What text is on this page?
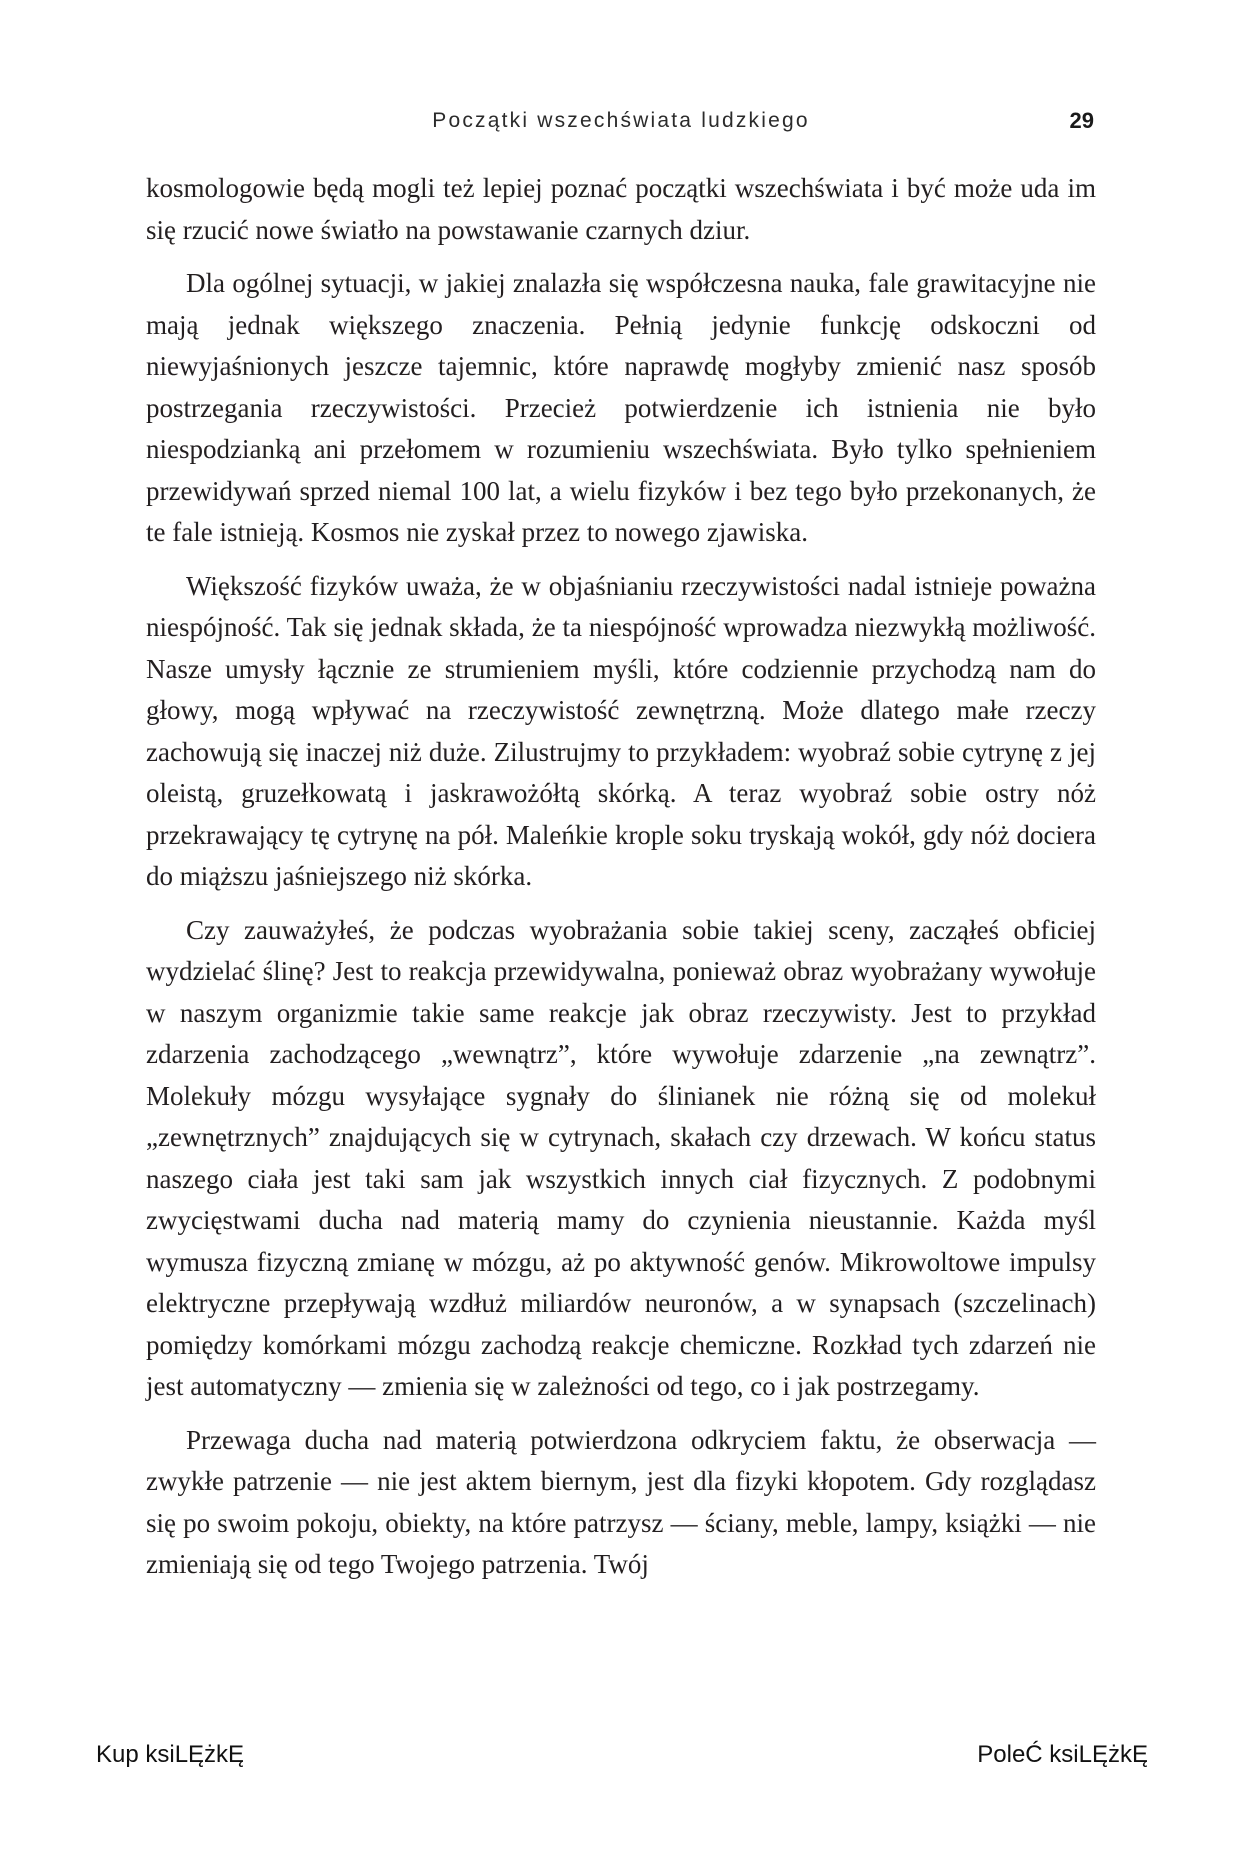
Początki wszechświata ludzkiego	29

kosmologowie będą mogli też lepiej poznać początki wszechświata i być może uda im się rzucić nowe światło na powstawanie czarnych dziur.

Dla ogólnej sytuacji, w jakiej znalazła się współczesna nauka, fale grawitacyjne nie mają jednak większego znaczenia. Pełnią jedynie funkcję odskoczni od niewyjaśnionych jeszcze tajemnic, które naprawdę mogłyby zmienić nasz sposób postrzegania rzeczywistości. Przecież potwierdzenie ich istnienia nie było niespodzianką ani przełomem w rozumieniu wszechświata. Było tylko spełnieniem przewidywań sprzed niemal 100 lat, a wielu fizyków i bez tego było przekonanych, że te fale istnieją. Kosmos nie zyskał przez to nowego zjawiska.

Większość fizyków uważa, że w objaśnianiu rzeczywistości nadal istnieje poważna niespójność. Tak się jednak składa, że ta niespójność wprowadza niezwykłą możliwość. Nasze umysły łącznie ze strumieniem myśli, które codziennie przychodzą nam do głowy, mogą wpływać na rzeczywistość zewnętrzną. Może dlatego małe rzeczy zachowują się inaczej niż duże. Zilustrujmy to przykładem: wyobraź sobie cytrynę z jej oleistą, gruzełkowatą i jaskrawożółtą skórką. A teraz wyobraź sobie ostry nóż przekrawający tę cytrynę na pół. Maleńkie krople soku tryskają wokół, gdy nóż dociera do miąższu jaśniejszego niż skórka.

Czy zauważyłeś, że podczas wyobrażania sobie takiej sceny, zacząłeś obficiej wydzielać ślinę? Jest to reakcja przewidywalna, ponieważ obraz wyobrażany wywołuje w naszym organizmie takie same reakcje jak obraz rzeczywisty. Jest to przykład zdarzenia zachodzącego „wewnątrz”, które wywołuje zdarzenie „na zewnątrz”. Molekuły mózgu wysyłające sygnały do ślinianek nie różną się od molekuł „zewnętrznych” znajdujących się w cytrynach, skałach czy drzewach. W końcu status naszego ciała jest taki sam jak wszystkich innych ciał fizycznych. Z podobnymi zwycięstwami ducha nad materią mamy do czynienia nieustannie. Każda myśl wymusza fizyczną zmianę w mózgu, aż po aktywność genów. Mikrowoltowe impulsy elektryczne przepływają wzdłuż miliardów neuronów, a w synapsach (szczelinach) pomiędzy komórkami mózgu zachodzą reakcje chemiczne. Rozkład tych zdarzeń nie jest automatyczny — zmienia się w zależności od tego, co i jak postrzegamy.

Przewaga ducha nad materią potwierdzona odkryciem faktu, że obserwacja — zwykłe patrzenie — nie jest aktem biernym, jest dla fizyki kłopotem. Gdy rozglądasz się po swoim pokoju, obiekty, na które patrzysz — ściany, meble, lampy, książki — nie zmieniają się od tego Twojego patrzenia. Twój

Kup ksiLĘżkĘ	PoleĆ ksiLĘżkĘ
